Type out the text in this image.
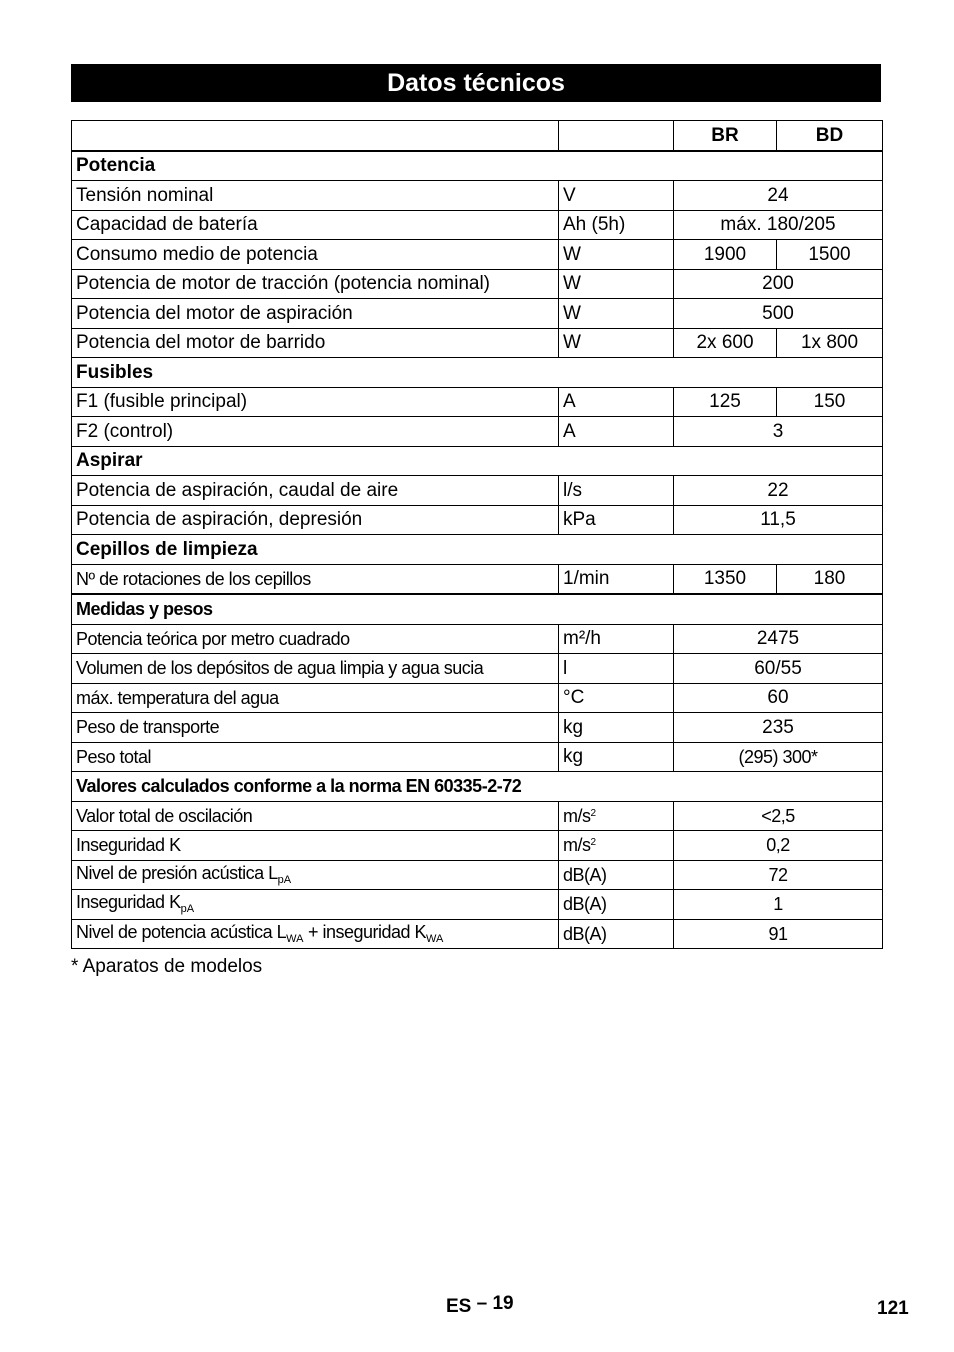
Datos técnicos
		BR	BD
Potencia			
Tensión nominal	V	24	
Capacidad de batería	Ah (5h)	máx. 180/205	
Consumo medio de potencia	W	1900	1500
Potencia de motor de tracción (potencia nominal)	W	200	
Potencia del motor de aspiración	W	500	
Potencia del motor de barrido	W	2x 600	1x 800
Fusibles			
F1 (fusible principal)	A	125	150
F2 (control)	A	3	
Aspirar			
Potencia de aspiración, caudal de aire	l/s	22	
Potencia de aspiración, depresión	kPa	11,5	
Cepillos de limpieza			
Nº de rotaciones de los cepillos	1/min	1350	180
Medidas y pesos			
Potencia teórica por metro cuadrado	m²/h	2475	
Volumen de los depósitos de agua limpia y agua sucia	l	60/55	
máx. temperatura del agua	°C	60	
Peso de transporte	kg	235	
Peso total	kg	(295) 300*	
Valores calculados conforme a la norma EN 60335-2-72			
Valor total de oscilación	$m/s^2$	<2,5	
Inseguridad K	$m/s^2$	0,2	
Nivel de presión acústica $L_{pA}$	dB(A)	72	
Inseguridad $K_{pA}$	dB(A)	1	
Nivel de potencia acústica $L_{WA}$ + inseguridad $K_{WA}$	dB(A)	91	
* Aparatos de modelos
ES – 19	121
